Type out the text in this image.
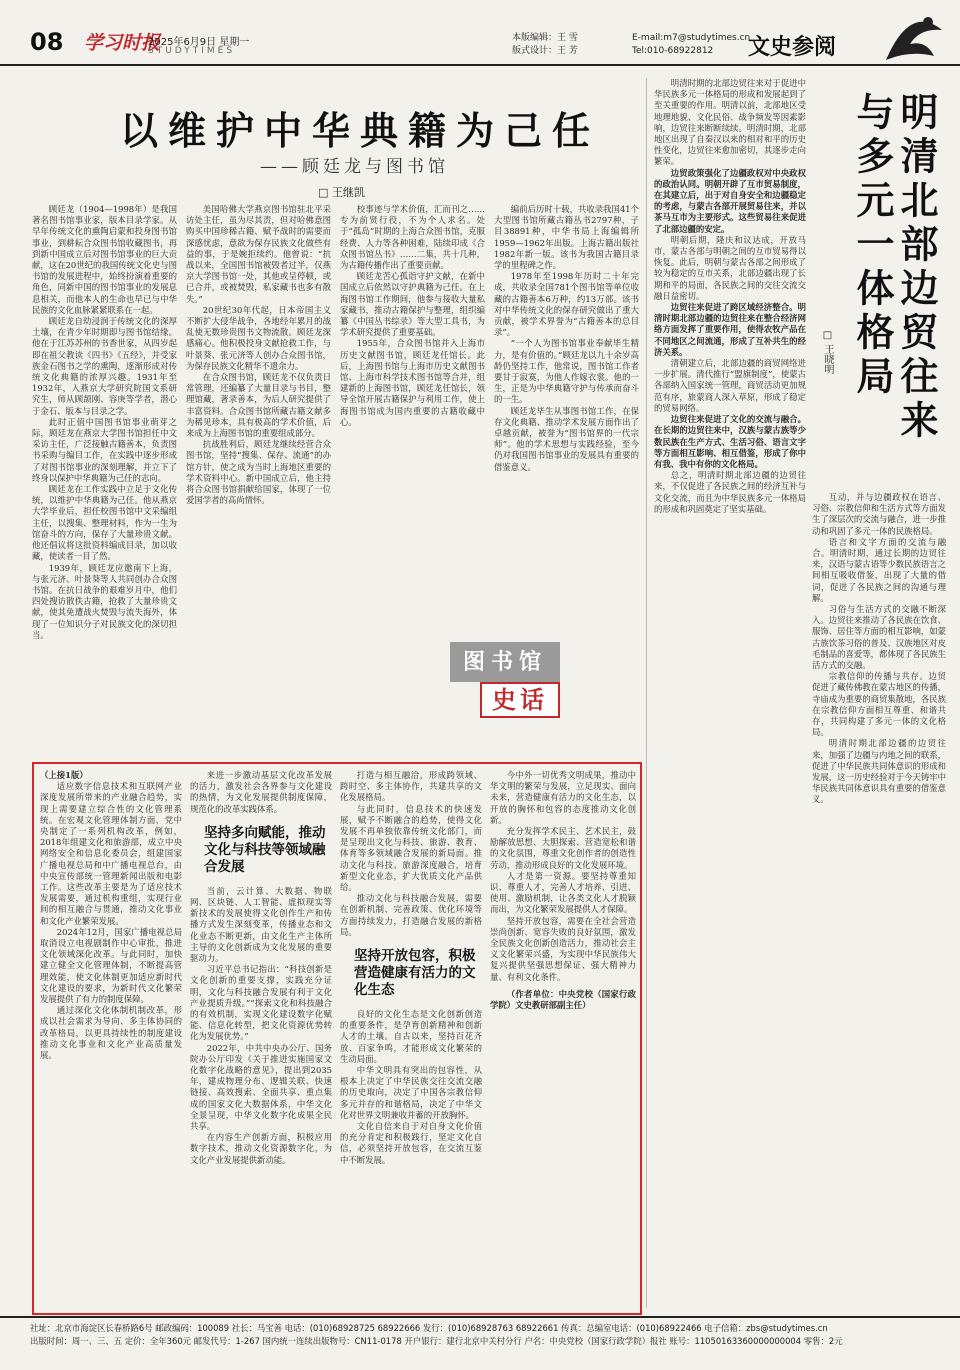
08 学习时报
2025年6月9日 星期一
STUDYTIMES
本版编辑：王 雪
版式设计：王 芳
E-mail:m7@studytimes.cn
Tel:010-68922812	文史参阅
以维护中华典籍为己任
——顾廷龙与图书馆
□ 王继凯

顾廷龙（1904—1998年）是我国著名图书馆事业家，版本目录学家。从早年传统文化的熏陶启蒙和投身图书馆事业，到耕耘合众图书馆收藏图书，再到新中国成立后对图书馆事业的巨大贡献，这在20世纪的我国传统文化史与图书馆的发展进程中，始终扮演着重要的角色，同新中国的图书馆事业的发展息息相关，而他本人的生命也早已与中华民族的文化血脉紧紧联系在一起。

顾廷龙自幼浸润于传统文化的深厚土壤，在青少年时期即与图书馆结缘。他在于江苏苏州的书香世家，从四岁起即在祖父教读《四书》《五经》，并受家族金石图书之学的熏陶，逐渐形成对传统文化典籍的浓厚兴趣。1931年至1932年，入燕京大学研究院国文系研究生，师从顾颉刚、容庚等学者，潜心于金石、版本与目录之学。

此时正值中国图书馆事业萌芽之际，顾廷龙在燕京大学图书馆担任中文采访主任，广泛接触古籍善本，负责图书采购与编目工作，在实践中逐步形成了对图书馆事业的深刻理解，并立下了终身以保护中华典籍为己任的志向。

顾廷龙在工作实践中立足于文化传统，以维护中华典籍为己任。他从燕京大学毕业后，担任校图书馆中文采编组主任，以搜集、整理材料，作为一生为馆奋斗的方向，保存了大量珍贵文献。他还倡议将这批资料编成目录，加以收藏，使读者一目了然。

1939年，顾廷龙应邀南下上海，与张元济、叶景葵等人共同创办合众图书馆。在抗日战争的艰难岁月中，他们四处搜访散佚古籍，抢救了大量珍贵文献，使其免遭战火焚毁与流失海外，体现了一位知识分子对民族文化的深切担当。

美国哈佛大学燕京图书馆驻北平采访处主任，虽为尽其责，但对哈佛意图购买中国珍稀古籍、赋予战时的需要而深感忧虑，意欲为保存民族文化做些有益的事，于是婉拒续约。他曾说：“抗战以来，全国图书馆被毁者过半，仅燕京大学图书馆一处，其他或呈停顿，或已合并，或被焚毁，私家藏书也多有散失。”

20世纪30年代起，日本帝国主义不断扩大侵华战争，各地经年累月的战乱使无数珍贵图书文物流散。顾廷龙深感痛心。他积极投身文献抢救工作，与叶景葵、张元济等人创办合众图书馆，为保存民族文化精华不遗余力。

在合众图书馆，顾廷龙不仅负责日常管理，还编纂了大量目录与书目，整理馆藏，著录善本，为后人研究提供了丰富资料。合众图书馆所藏古籍文献多为稀见珍本，具有极高的学术价值，后来成为上海图书馆的重要组成部分。

抗战胜利后，顾廷龙继续经营合众图书馆，坚持“搜集、保存、流通”的办馆方针，使之成为当时上海地区重要的学术资料中心。新中国成立后，他主持将合众图书馆捐献给国家，体现了一位爱国学者的高尚情怀。

校事迹与学术价值，汇而刊之……专为前贤行役，不为个人求名。处于“孤岛”时期的上海合众图书馆，克服经费、人力等各种困难，陆续印成《合众图书馆丛书》……二集，共十几种，为古籍传播作出了重要贡献。

顾廷龙苦心孤诣守护文献，在新中国成立后依然以守护典籍为己任。在上海图书馆工作期间，他参与接收大量私家藏书，推动古籍保护与整理，组织编纂《中国丛书综录》等大型工具书，为学术研究提供了重要基础。

1955年，合众图书馆并入上海市历史文献图书馆，顾廷龙任馆长。此后，上海图书馆与上海市历史文献图书馆、上海市科学技术图书馆等合并，组建新的上海图书馆，顾廷龙任馆长，领导全馆开展古籍保护与利用工作，使上海图书馆成为国内重要的古籍收藏中心。

编前后历时十载，共收录我国41个大型图书馆所藏古籍丛书2797种，子目38891种，中华书局上海编辑所1959—1962年出版。上海古籍出版社1982年新一版。该书为我国古籍目录学的里程碑之作。

1978年至1998年历时二十年完成，共收录全国781个图书馆等单位收藏的古籍善本6万种，约13万部。该书对中华传统文化的保存研究做出了重大贡献，被学术界誉为“古籍善本的总目录”。

“一个人为图书馆事业奉献毕生精力，是有价值的。”顾廷龙以九十余岁高龄仍坚持工作，他常说，图书馆工作者要甘于寂寞，为他人作嫁衣裳。他的一生，正是为中华典籍守护与传承而奋斗的一生。

顾廷龙毕生从事图书馆工作，在保存文化典籍、推动学术发展方面作出了卓越贡献，被誉为“图书馆界的一代宗师”。他的学术思想与实践经验，至今仍对我国图书馆事业的发展具有重要的借鉴意义。

图书馆
史话
明清北部边贸往来与多元一体格局
□ 王晓明

明清时期的北部边贸往来对于促进中华民族多元一体格局的形成和发展起到了至关重要的作用。明清以前，北部地区受地理地貌、文化民俗、战争频发等因素影响，边贸往来断断续续。明清时期，北部地区出现了自秦汉以来的相对和平的历史性变化，边贸往来愈加密切，其逐步走向繁荣。

边贸政策强化了边疆政权对中央政权的政治认同。明朝开辟了互市贸易制度，在其建立后，出于对自身安全和边疆稳定的考虑，与蒙古各部开展贸易往来，并以茶马互市为主要形式。这些贸易往来促进了北部边疆的安定。

明朝后期，隆庆和议达成，开放马市，蒙古各部与明朝之间的互市贸易得以恢复。此后，明朝与蒙古各部之间形成了较为稳定的互市关系，北部边疆出现了长期和平的局面，各民族之间的交往交流交融日益密切。

边贸往来促进了跨区域经济整合。明清时期北部边疆的边贸往来在整合经济网络方面发挥了重要作用，使得农牧产品在不同地区之间流通，形成了互补共生的经济关系。

清朝建立后，北部边疆的商贸网络进一步扩展。清代推行“盟旗制度”，使蒙古各部纳入国家统一管理，商贸活动更加规范有序，旅蒙商人深入草原，形成了稳定的贸易网络。

边贸往来促进了文化的交流与融合。在长期的边贸往来中，汉族与蒙古族等少数民族在生产方式、生活习俗、语言文字等方面相互影响、相互借鉴，形成了你中有我、我中有你的文化格局。

总之，明清时期北部边疆的边贸往来，不仅促进了各民族之间的经济互补与文化交流，而且为中华民族多元一体格局的形成和巩固奠定了坚实基础。

互动，并与边疆政权在语言、习俗、宗教信仰和生活方式等方面发生了深层次的交流与融合，进一步推动和巩固了多元一体的民族格局。

语言和文字方面的交流与融合。明清时期，通过长期的边贸往来，汉语与蒙古语等少数民族语言之间相互吸收借鉴，出现了大量的借词，促进了各民族之间的沟通与理解。

习俗与生活方式的交融不断深入。边贸往来推动了各民族在饮食、服饰、居住等方面的相互影响，如蒙古族饮茶习俗的普及、汉族地区对皮毛制品的喜爱等，都体现了各民族生活方式的交融。

宗教信仰的传播与共存。边贸促进了藏传佛教在蒙古地区的传播，寺庙成为重要的商贸集散地，各民族在宗教信仰方面相互尊重、和谐共存，共同构建了多元一体的文化格局。

明清时期北部边疆的边贸往来，加强了边疆与内地之间的联系，促进了中华民族共同体意识的形成和发展，这一历史经验对于今天铸牢中华民族共同体意识具有重要的借鉴意义。

（上接1版）

适应数字信息技术和互联网产业深度发展所带来的产业融合趋势，实现上需要建立综合性的文化管理系统。在宏观文化管理体制方面，党中央制定了一系列机构改革，例如，2018年组建文化和旅游部，成立中央网络安全和信息化委员会，组建国家广播电视总局和中广播电视总台，由中央宣传部统一管理新闻出版和电影工作。这些改革主要是为了适应技术发展需要，通过机构重组，实现行业间的相互融合与贯通，推动文化事业和文化产业繁荣发展。

2024年12月，国家广播电视总局取消设立电视剧制作中心审批，推进文化领域深化改革。与此同时，加快建立健全文化管理体制，不断提高管理效能，使文化体制更加适应新时代文化建设的要求，为新时代文化繁荣发展提供了有力的制度保障。

通过深化文化体制机制改革，形成以社会需求为导向、多主体协同的改革格局，以更具持续性的制度建设推动文化事业和文化产业高质量发展。

来进一步激动基层文化改革发展的活力，激发社会各界参与文化建设的热情，为文化发展提供制度保障，规范化的改革实践体系。

坚持多向赋能，推动文化与科技等领域融合发展

当前，云计算、大数据、物联网、区块链、人工智能、虚拟现实等新技术的发展使得文化创作生产和传播方式发生深刻变革，传播业态和文化业态不断更新，由文化生产主体所主导的文化创新成为文化发展的重要驱动力。

习近平总书记指出：“科技创新是文化创新的重要支撑，实践充分证明，文化与科技融合发展有利于文化产业提质升级。”“探索文化和科技融合的有效机制，实现文化建设数字化赋能、信息化转型，把文化资源优势转化为发展优势。”

2022年，中共中央办公厅、国务院办公厅印发《关于推进实施国家文化数字化战略的意见》，提出到2035年，建成物理分布、逻辑关联、快速链接、高效搜索、全面共享、重点集成的国家文化大数据体系，中华文化全景呈现，中华文化数字化成果全民共享。

在内容生产创新方面，积极应用数字技术，推动文化资源数字化，为文化产业发展提供新动能。

打造与相互融洽，形成跨领域、跨时空、多主体协作，共建共享的文化发展格局。

与此同时，信息技术的快速发展，赋予不断融合的趋势，使得文化发展不再单独依靠传统文化部门，而是呈现出文化与科技、旅游、教育、体育等多领域融合发展的新局面。推动文化与科技、旅游深度融合，培育新型文化业态，扩大优质文化产品供给。

推动文化与科技融合发展，需要在创新机制、完善政策、优化环境等方面持续发力，打造融合发展的新格局。

坚持开放包容，积极营造健康有活力的文化生态

良好的文化生态是文化创新创造的重要条件，是孕育创新精神和创新人才的土壤。自古以来，坚持百花齐放、百家争鸣，才能形成文化繁荣的生动局面。

中华文明具有突出的包容性，从根本上决定了中华民族交往交流交融的历史取向，决定了中国各宗教信仰多元并存的和谐格局，决定了中华文化对世界文明兼收并蓄的开放胸怀。

文化自信来自于对自身文化价值的充分肯定和积极践行，坚定文化自信，必须坚持开放包容，在交流互鉴中不断发展。

今中外一切优秀文明成果，推动中华文明的繁荣与发展，立足现实、面向未来，营造健康有活力的文化生态，以开放的胸怀和包容的态度推动文化创新。

充分发挥学术民主、艺术民主，鼓励解放思想、大胆探索、营造宽松和谐的文化氛围，尊重文化创作者的创造性劳动，推动形成良好的文化发展环境。

人才是第一资源。要坚持尊重知识、尊重人才，完善人才培养、引进、使用、激励机制，让各类文化人才脱颖而出，为文化繁荣发展提供人才保障。

坚持开放包容，需要在全社会营造崇尚创新、宽容失败的良好氛围，激发全民族文化创新创造活力，推动社会主义文化繁荣兴盛，为实现中华民族伟大复兴提供坚强思想保证、强大精神力量、有利文化条件。

（作者单位：中央党校（国家行政学院）文史教研部副主任）

社址：北京市海淀区长春桥路6号 邮政编码：100089 社长：马宝善 电话：(010)68928725 68922666 发行：(010)68928763 68922661 传真：总编室电话：(010)68922466 电子信箱：zbs@studytimes.cn
出版时间：周一、三、五 定价：全年360元 邮发代号：1-267 国内统一连续出版物号：CN11-0178 开户银行：建行北京中关村分行 户名：中央党校（国家行政学院）报社 账号：11050163360000000004 零售：2元
